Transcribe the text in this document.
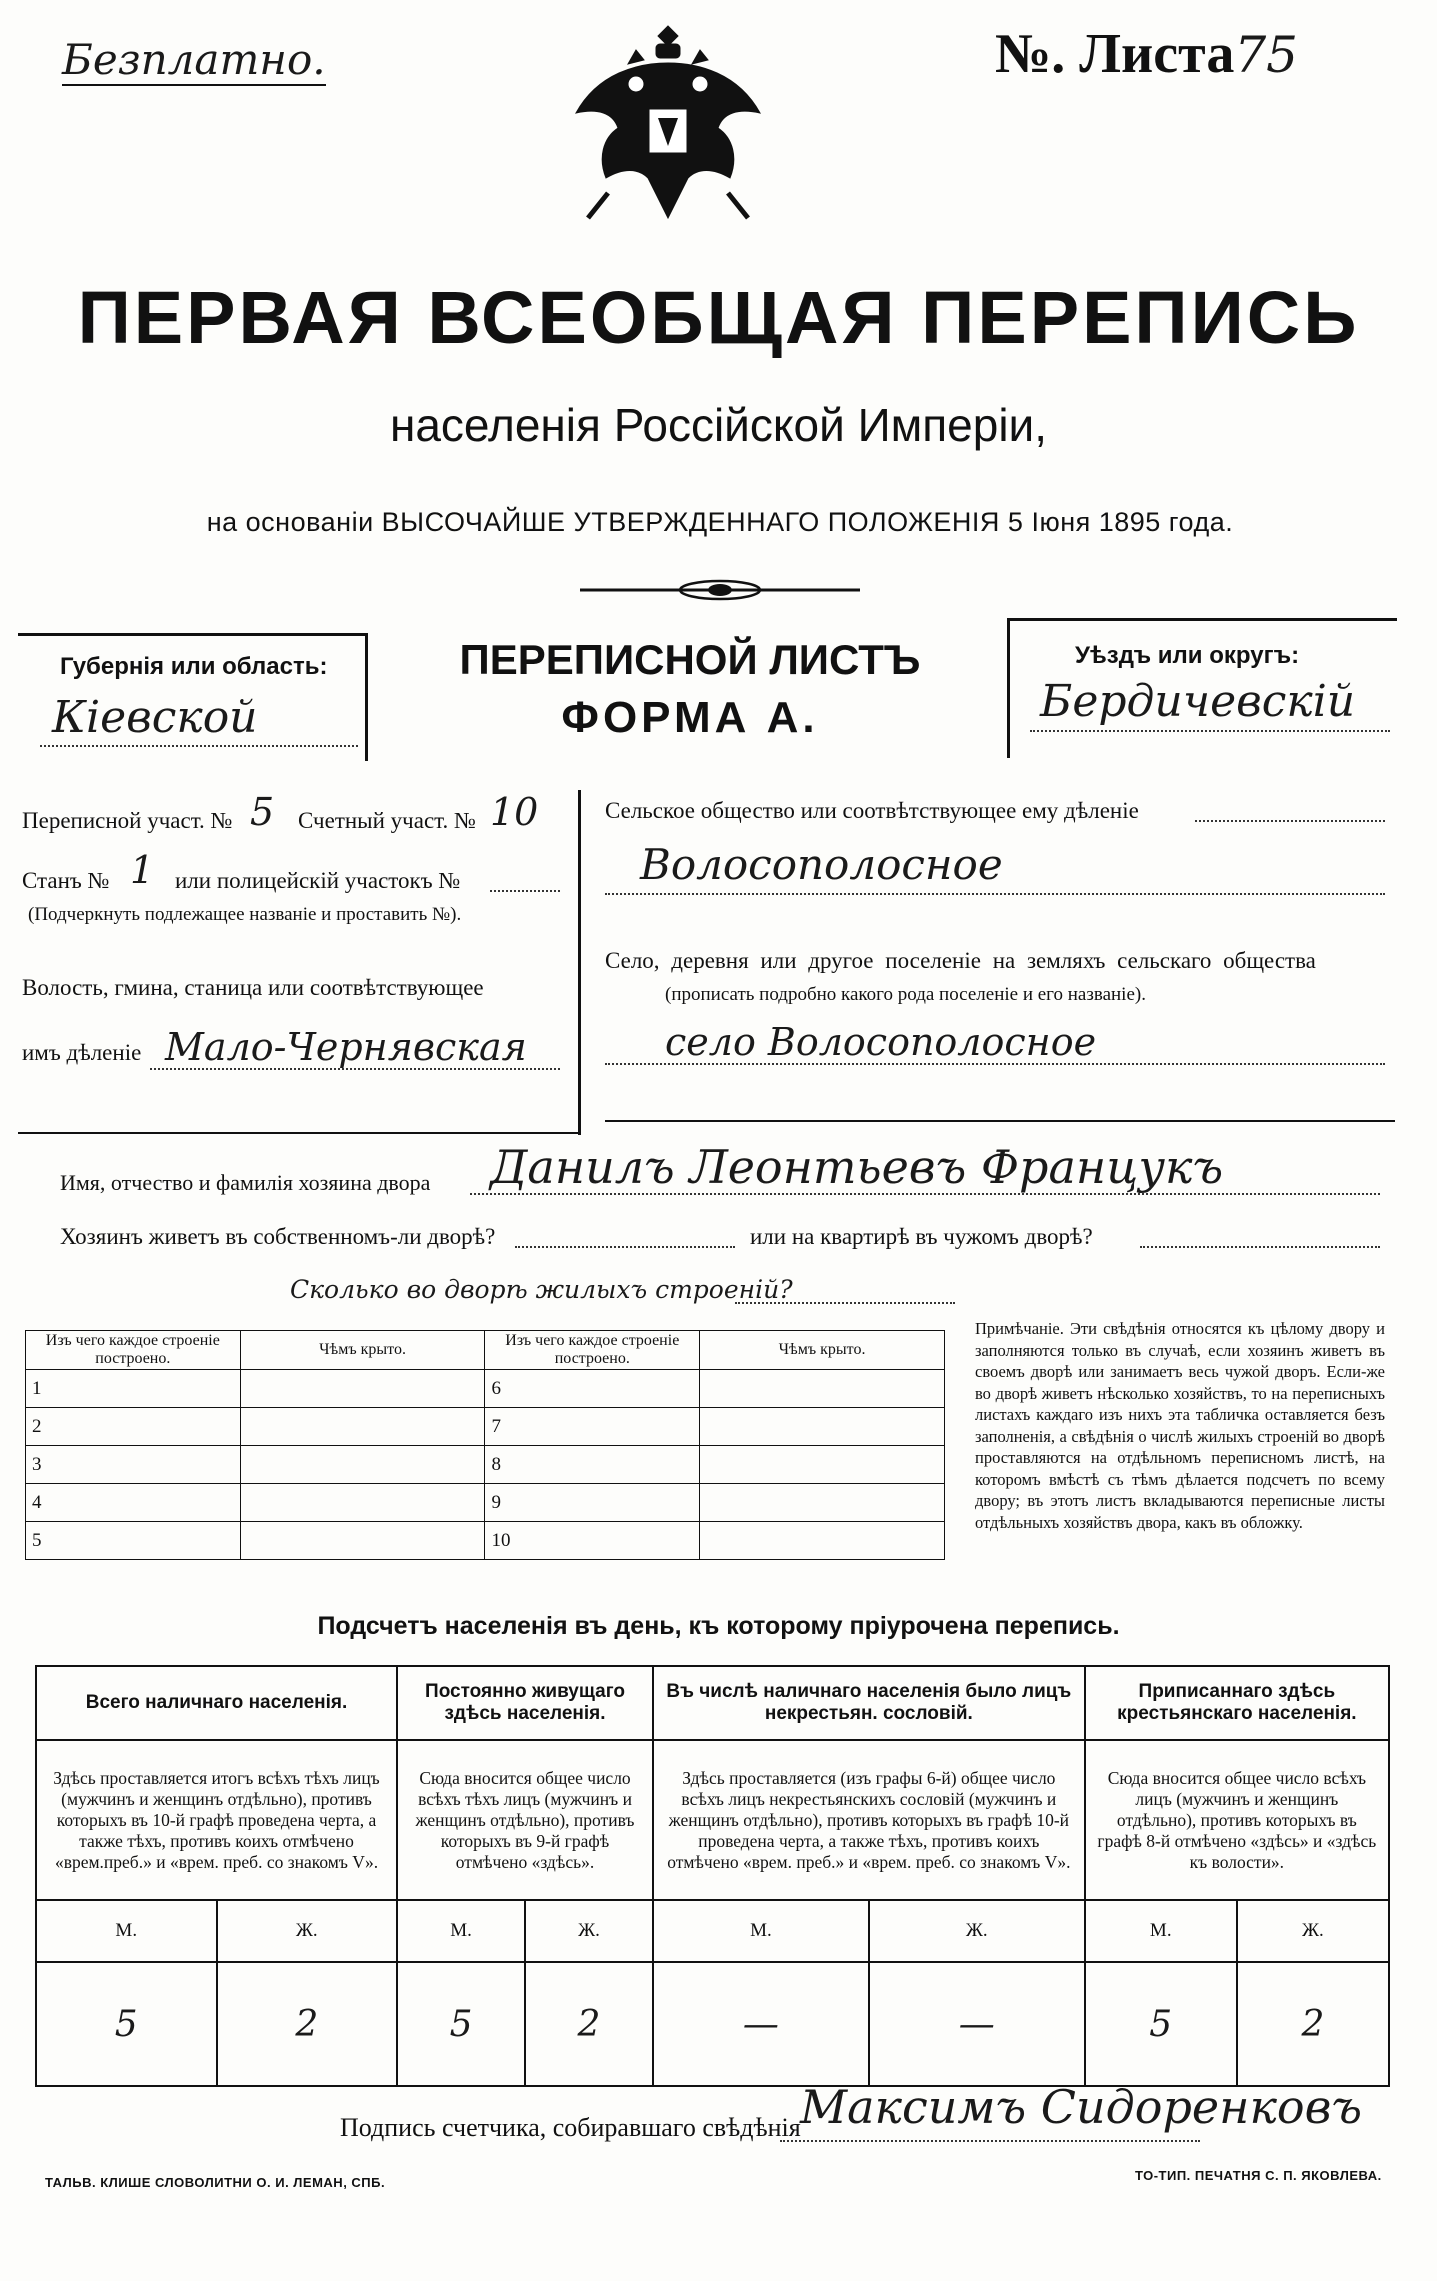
Безплатно.	№. Листа75
ПЕРВАЯ ВСЕОБЩАЯ ПЕРЕПИСЬ
населенія Россійской Имперіи,
на основаніи ВЫСОЧАЙШЕ УТВЕРЖДЕННАГО ПОЛОЖЕНІЯ 5 Іюня 1895 года.
Губернія или область:
Кіевской
ПЕРЕПИСНОЙ ЛИСТЪ
ФОРМА А.
Уѣздъ или округъ:
Бердичевскій
Переписной участ. № 5 Счетный участ. № 10
Станъ № 1 или полицейскій участокъ №
(Подчеркнуть подлежащее названіе и проставить №).
Волость, гмина, станица или соотвѣтствующее
имъ дѣленіе Мало-Чернявская
Сельское общество или соотвѣтствующее ему дѣленіе
Волосополосное
Село, деревня или другое поселеніе на земляхъ сельскаго общества
(прописать подробно какого рода поселеніе и его названіе).
село Волосополосное
Имя, отчество и фамилія хозяина двора Данилъ Леонтьевъ Францукъ
Хозяинъ живетъ въ собственномъ-ли дворѣ?	или на квартирѣ въ чужомъ дворѣ?
Сколько во дворѣ жилыхъ строеній?
Изъ чего каждое строеніе построено.	Чѣмъ крыто.	Изъ чего каждое строеніе построено.	Чѣмъ крыто.
1		6	
2		7	
3		8	
4		9	
5		10	
Примѣчаніе. Эти свѣдѣнія относятся къ цѣлому двору и заполняются только въ случаѣ, если хозяинъ живетъ въ своемъ дворѣ или занимаетъ весь чужой дворъ. Если-же во дворѣ живетъ нѣсколько хозяйствъ, то на переписныхъ листахъ каждаго изъ нихъ эта табличка оставляется безъ заполненія, а свѣдѣнія о числѣ жилыхъ строеній во дворѣ проставляются на отдѣльномъ переписномъ листѣ, на которомъ вмѣстѣ съ тѣмъ дѣлается подсчетъ по всему двору; въ этотъ листъ вкладываются переписные листы отдѣльныхъ хозяйствъ двора, какъ въ обложку.
Подсчетъ населенія въ день, къ которому пріурочена перепись.
Всего наличнаго населенія.		Постоянно живущаго здѣсь населенія.		Въ числѣ наличнаго населенія было лицъ некрестьян. сословій.		Приписаннаго здѣсь крестьянскаго населенія.	
Здѣсь проставляется итогъ всѣхъ тѣхъ лицъ (мужчинъ и женщинъ отдѣльно), противъ которыхъ въ 10-й графѣ проведена черта, а также тѣхъ, противъ коихъ отмѣчено «врем.преб.» и «врем. преб. со знакомъ V».		Сюда вносится общее число всѣхъ тѣхъ лицъ (мужчинъ и женщинъ отдѣльно), противъ которыхъ въ 9-й графѣ отмѣчено «здѣсь».		Здѣсь проставляется (изъ графы 6-й) общее число всѣхъ лицъ некрестьянскихъ сословій (мужчинъ и женщинъ отдѣльно), противъ которыхъ въ графѣ 10-й проведена черта, а также тѣхъ, противъ коихъ отмѣчено «врем. преб.» и «врем. преб. со знакомъ V».		Сюда вносится общее число всѣхъ лицъ (мужчинъ и женщинъ отдѣльно), противъ которыхъ въ графѣ 8-й отмѣчено «здѣсь» и «здѣсь къ волости».	
М.	Ж.	М.	Ж.	М.	Ж.	М.	Ж.
5	2	5	2	—	—	5	2
Подпись счетчика, собиравшаго свѣдѣнія Максимъ Сидоренковъ
ТАЛЬВ. КЛИШЕ СЛОВОЛИТНИ О. И. ЛЕМАН, СПБ.	ТО-ТИП. ПЕЧАТНЯ С. П. ЯКОВЛЕВА.
